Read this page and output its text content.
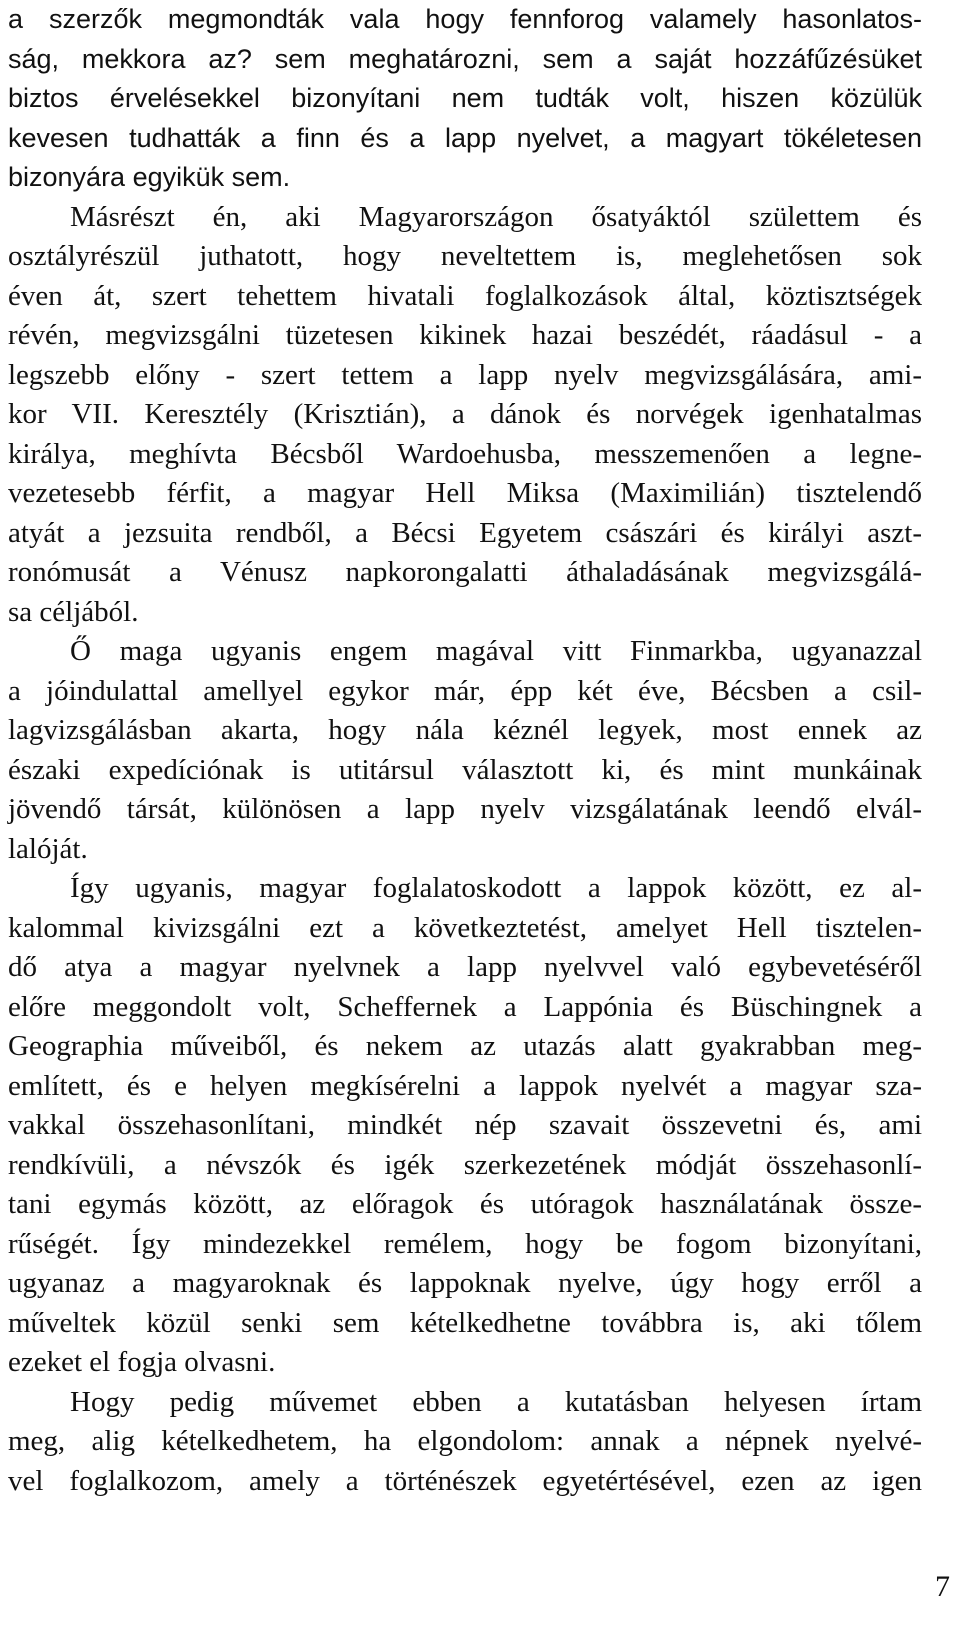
a szerzők megmondták vala hogy fennforog valamely hasonlatos-
ság, mekkora az? sem meghatározni, sem a saját hozzáfűzésüket
biztos érvelésekkel bizonyítani nem tudták volt, hiszen közülük
kevesen tudhatták a finn és a lapp nyelvet, a magyart tökéletesen
bizonyára egyikük sem.
Másrészt én, aki Magyarországon ősatyáktól születtem és
osztályrészül juthatott, hogy neveltettem is, meglehetősen sok
éven át, szert tehettem hivatali foglalkozások által, köztisztségek
révén, megvizsgálni tüzetesen kikinek hazai beszédét, ráadásul - a
legszebb előny - szert tettem a lapp nyelv megvizsgálására, ami-
kor VII. Keresztély (Krisztián), a dánok és norvégek igenhatalmas
királya, meghívta Bécsből Wardoehusba, messzemenően a legne-
vezetesebb férfit, a magyar Hell Miksa (Maximilián) tisztelendő
atyát a jezsuita rendből, a Bécsi Egyetem császári és királyi aszt-
ronómusát a Vénusz napkorongalatti áthaladásának megvizsgálá-
sa céljából.
Ő maga ugyanis engem magával vitt Finmarkba, ugyanazzal
a jóindulattal amellyel egykor már, épp két éve, Bécsben a csil-
lagvizsgálásban akarta, hogy nála kéznél legyek, most ennek az
északi expedíciónak is utitársul választott ki, és mint munkáinak
jövendő társát, különösen a lapp nyelv vizsgálatának leendő elvál-
lalóját.
Így ugyanis, magyar foglalatoskodott a lappok között, ez al-
kalommal kivizsgálni ezt a következtetést, amelyet Hell tisztelen-
dő atya a magyar nyelvnek a lapp nyelvvel való egybevetéséről
előre meggondolt volt, Scheffernek a Lappónia és Büschingnek a
Geographia műveiből, és nekem az utazás alatt gyakrabban meg-
említett, és e helyen megkísérelni a lappok nyelvét a magyar sza-
vakkal összehasonlítani, mindkét nép szavait összevetni és, ami
rendkívüli, a névszók és igék szerkezetének módját összehasonlí-
tani egymás között, az előragok és utóragok használatának össze-
rűségét. Így mindezekkel remélem, hogy be fogom bizonyítani,
ugyanaz a magyaroknak és lappoknak nyelve, úgy hogy erről a
műveltek közül senki sem kételkedhetne továbbra is, aki tőlem
ezeket el fogja olvasni.
Hogy pedig művemet ebben a kutatásban helyesen írtam
meg, alig kételkedhetem, ha elgondolom: annak a népnek nyelvé-
vel foglalkozom, amely a történészek egyetértésével, ezen az igen
7
